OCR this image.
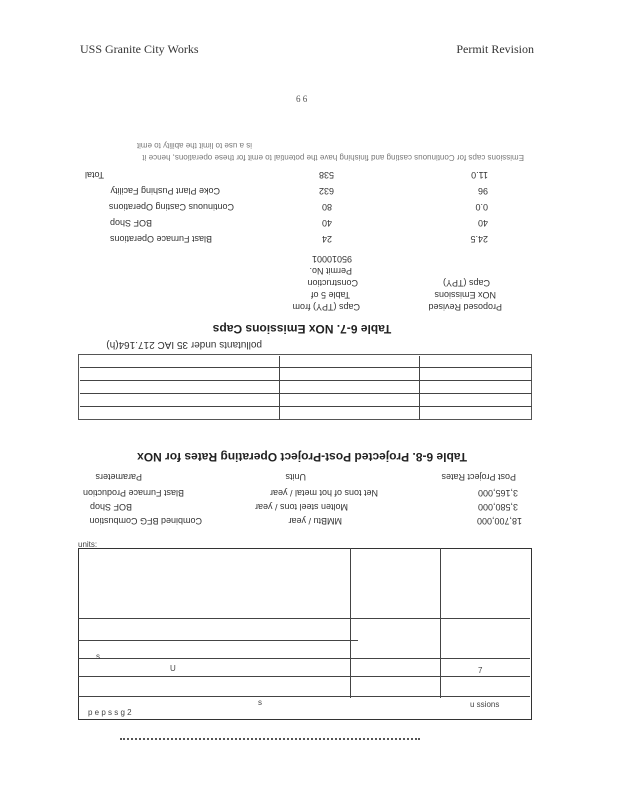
USS Granite City Works	Permit Revision
6 6
pollutants under 35 IAC 217.164(h)
Table 6-7. NOx Emissions Caps
Caps (TPY) from
Table 5 of
Construction
Permit No.
95010001
Proposed Revised
NOx Emissions
Caps (TPY)
Blast Furnace Operations	24	24.5
BOF Shop	40	40
Continuous Casting Operations	80	0.0
Coke Plant Pushing Facility	632	96
Total	538	11.0
Emissions caps for Continuous casting and finishing have the potential to emit for these operations, hence it
is a use to limit the ability to emit
Combined BFG Combustion	MMBtu / year	18,700,000
BOF Shop	Molten steel tons / year	3,580,000
Blast Furnace Production	Net tons of hot metal / year	3,165,000
Parameters	Units	Post Project Rates
Table 6-8. Projected Post-Project Operating Rates for NOx
units:
s
U	7
s
p e p s s g 2
u ssions
